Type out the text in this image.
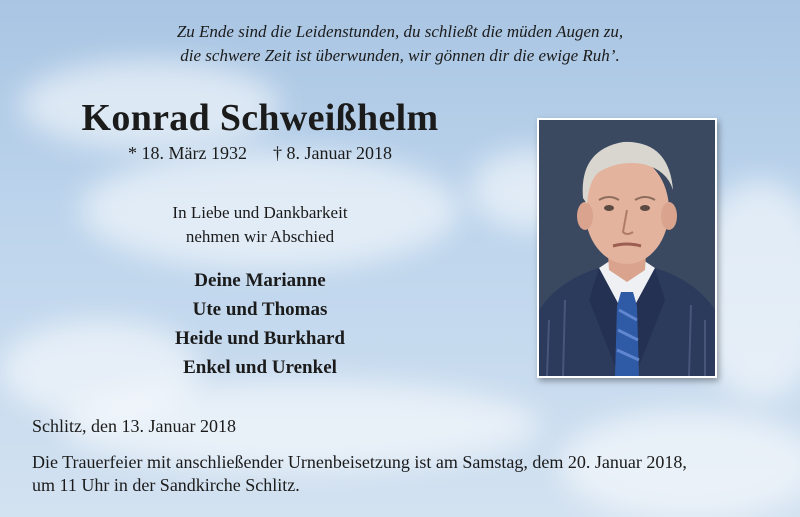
Zu Ende sind die Leidenstunden, du schließt die müden Augen zu,
die schwere Zeit ist überwunden, wir gönnen dir die ewige Ruh’.
Konrad Schweißhelm
* 18. März 1932 † 8. Januar 2018
In Liebe und Dankbarkeit
nehmen wir Abschied
Deine Marianne
Ute und Thomas
Heide und Burkhard
Enkel und Urenkel
Schlitz, den 13. Januar 2018
Die Trauerfeier mit anschließender Urnenbeisetzung ist am Samstag, dem 20. Januar 2018,
um 11 Uhr in der Sandkirche Schlitz.
